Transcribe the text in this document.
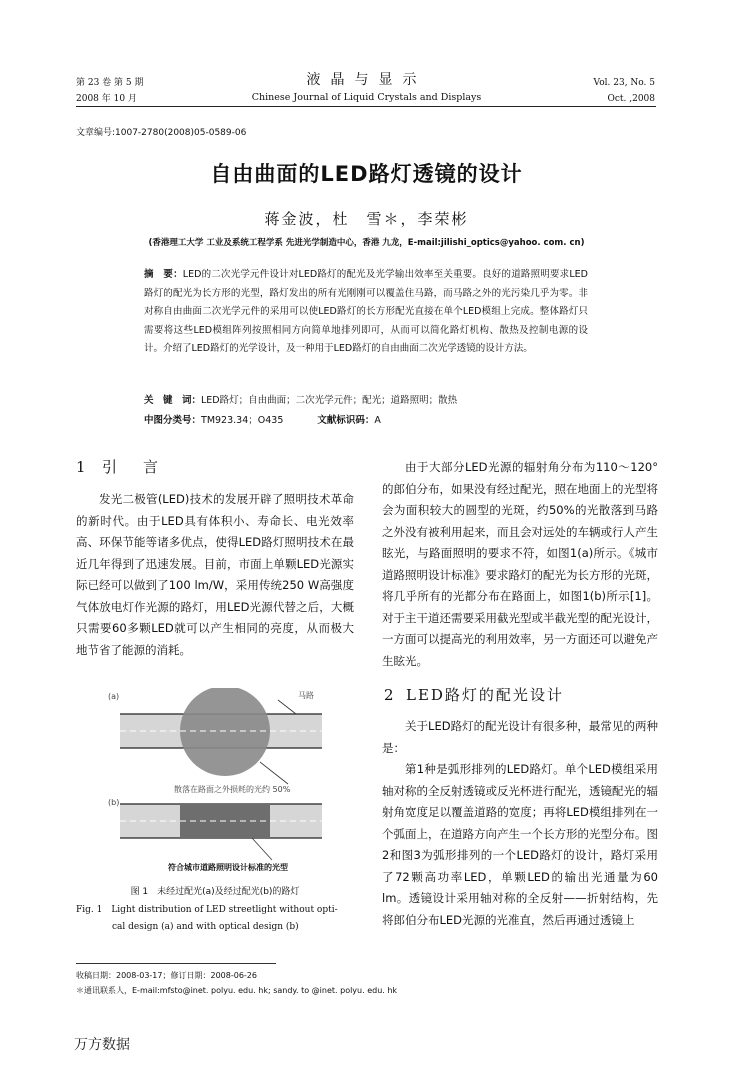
第 23 卷 第 5 期
2008 年 10 月
液晶与显示
Chinese Journal of Liquid Crystals and Displays
Vol. 23, No. 5
Oct. ,2008
文章编号:1007-2780(2008)05-0589-06
自由曲面的LED路灯透镜的设计
蒋金波，杜　雪＊，李荣彬
(香港理工大学 工业及系统工程学系 先进光学制造中心，香港 九龙，E-mail:jilishi_optics@yahoo. com. cn)
摘　要：LED的二次光学元件设计对LED路灯的配光及光学输出效率至关重要。良好的道路照明要求LED路灯的配光为长方形的光型，路灯发出的所有光刚刚可以覆盖住马路，而马路之外的光污染几乎为零。非对称自由曲面二次光学元件的采用可以使LED路灯的长方形配光直接在单个LED模组上完成。整体路灯只需要将这些LED模组阵列按照相同方向简单地排列即可，从而可以简化路灯机构、散热及控制电源的设计。介绍了LED路灯的光学设计，及一种用于LED路灯的自由曲面二次光学透镜的设计方法。
关　键　词：LED路灯；自由曲面；二次光学元件；配光；道路照明；散热
中图分类号：TM923.34；O435	文献标识码：A
1 引言

发光二极管(LED)技术的发展开辟了照明技术革命的新时代。由于LED具有体积小、寿命长、电光效率高、环保节能等诸多优点，使得LED路灯照明技术在最近几年得到了迅速发展。目前，市面上单颗LED光源实际已经可以做到了100 lm/W，采用传统250 W高强度气体放电灯作光源的路灯，用LED光源代替之后，大概只需要60多颗LED就可以产生相同的亮度，从而极大地节省了能源的消耗。

(a)	马路
散落在路面之外损耗的光约 50%
(b)
符合城市道路照明设计标准的光型
图 1　未经过配光(a)及经过配光(b)的路灯
Fig. 1　Light distribution of LED streetlight without opti-
cal design (a) and with optical design (b)

由于大部分LED光源的辐射角分布为110～120°的郎伯分布，如果没有经过配光，照在地面上的光型将会为面积较大的圆型的光斑，约50%的光散落到马路之外没有被利用起来，而且会对远处的车辆或行人产生眩光，与路面照明的要求不符，如图1(a)所示。《城市道路照明设计标准》要求路灯的配光为长方形的光斑，将几乎所有的光都分布在路面上，如图1(b)所示[1]。对于主干道还需要采用截光型或半截光型的配光设计，一方面可以提高光的利用效率，另一方面还可以避免产生眩光。

2 LED路灯的配光设计

关于LED路灯的配光设计有很多种，最常见的两种是：

第1种是弧形排列的LED路灯。单个LED模组采用轴对称的全反射透镜或反光杯进行配光，透镜配光的辐射角宽度足以覆盖道路的宽度；再将LED模组排列在一个弧面上，在道路方向产生一个长方形的光型分布。图2和图3为弧形排列的一个LED路灯的设计，路灯采用了72颗高功率LED，单颗LED的输出光通量为60 lm。透镜设计采用轴对称的全反射——折射结构，先将郎伯分布LED光源的光准直，然后再通过透镜上

收稿日期：2008-03-17；修订日期：2008-06-26
＊通讯联系人，E-mail:mfsto@inet. polyu. edu. hk; sandy. to @inet. polyu. edu. hk
万方数据
